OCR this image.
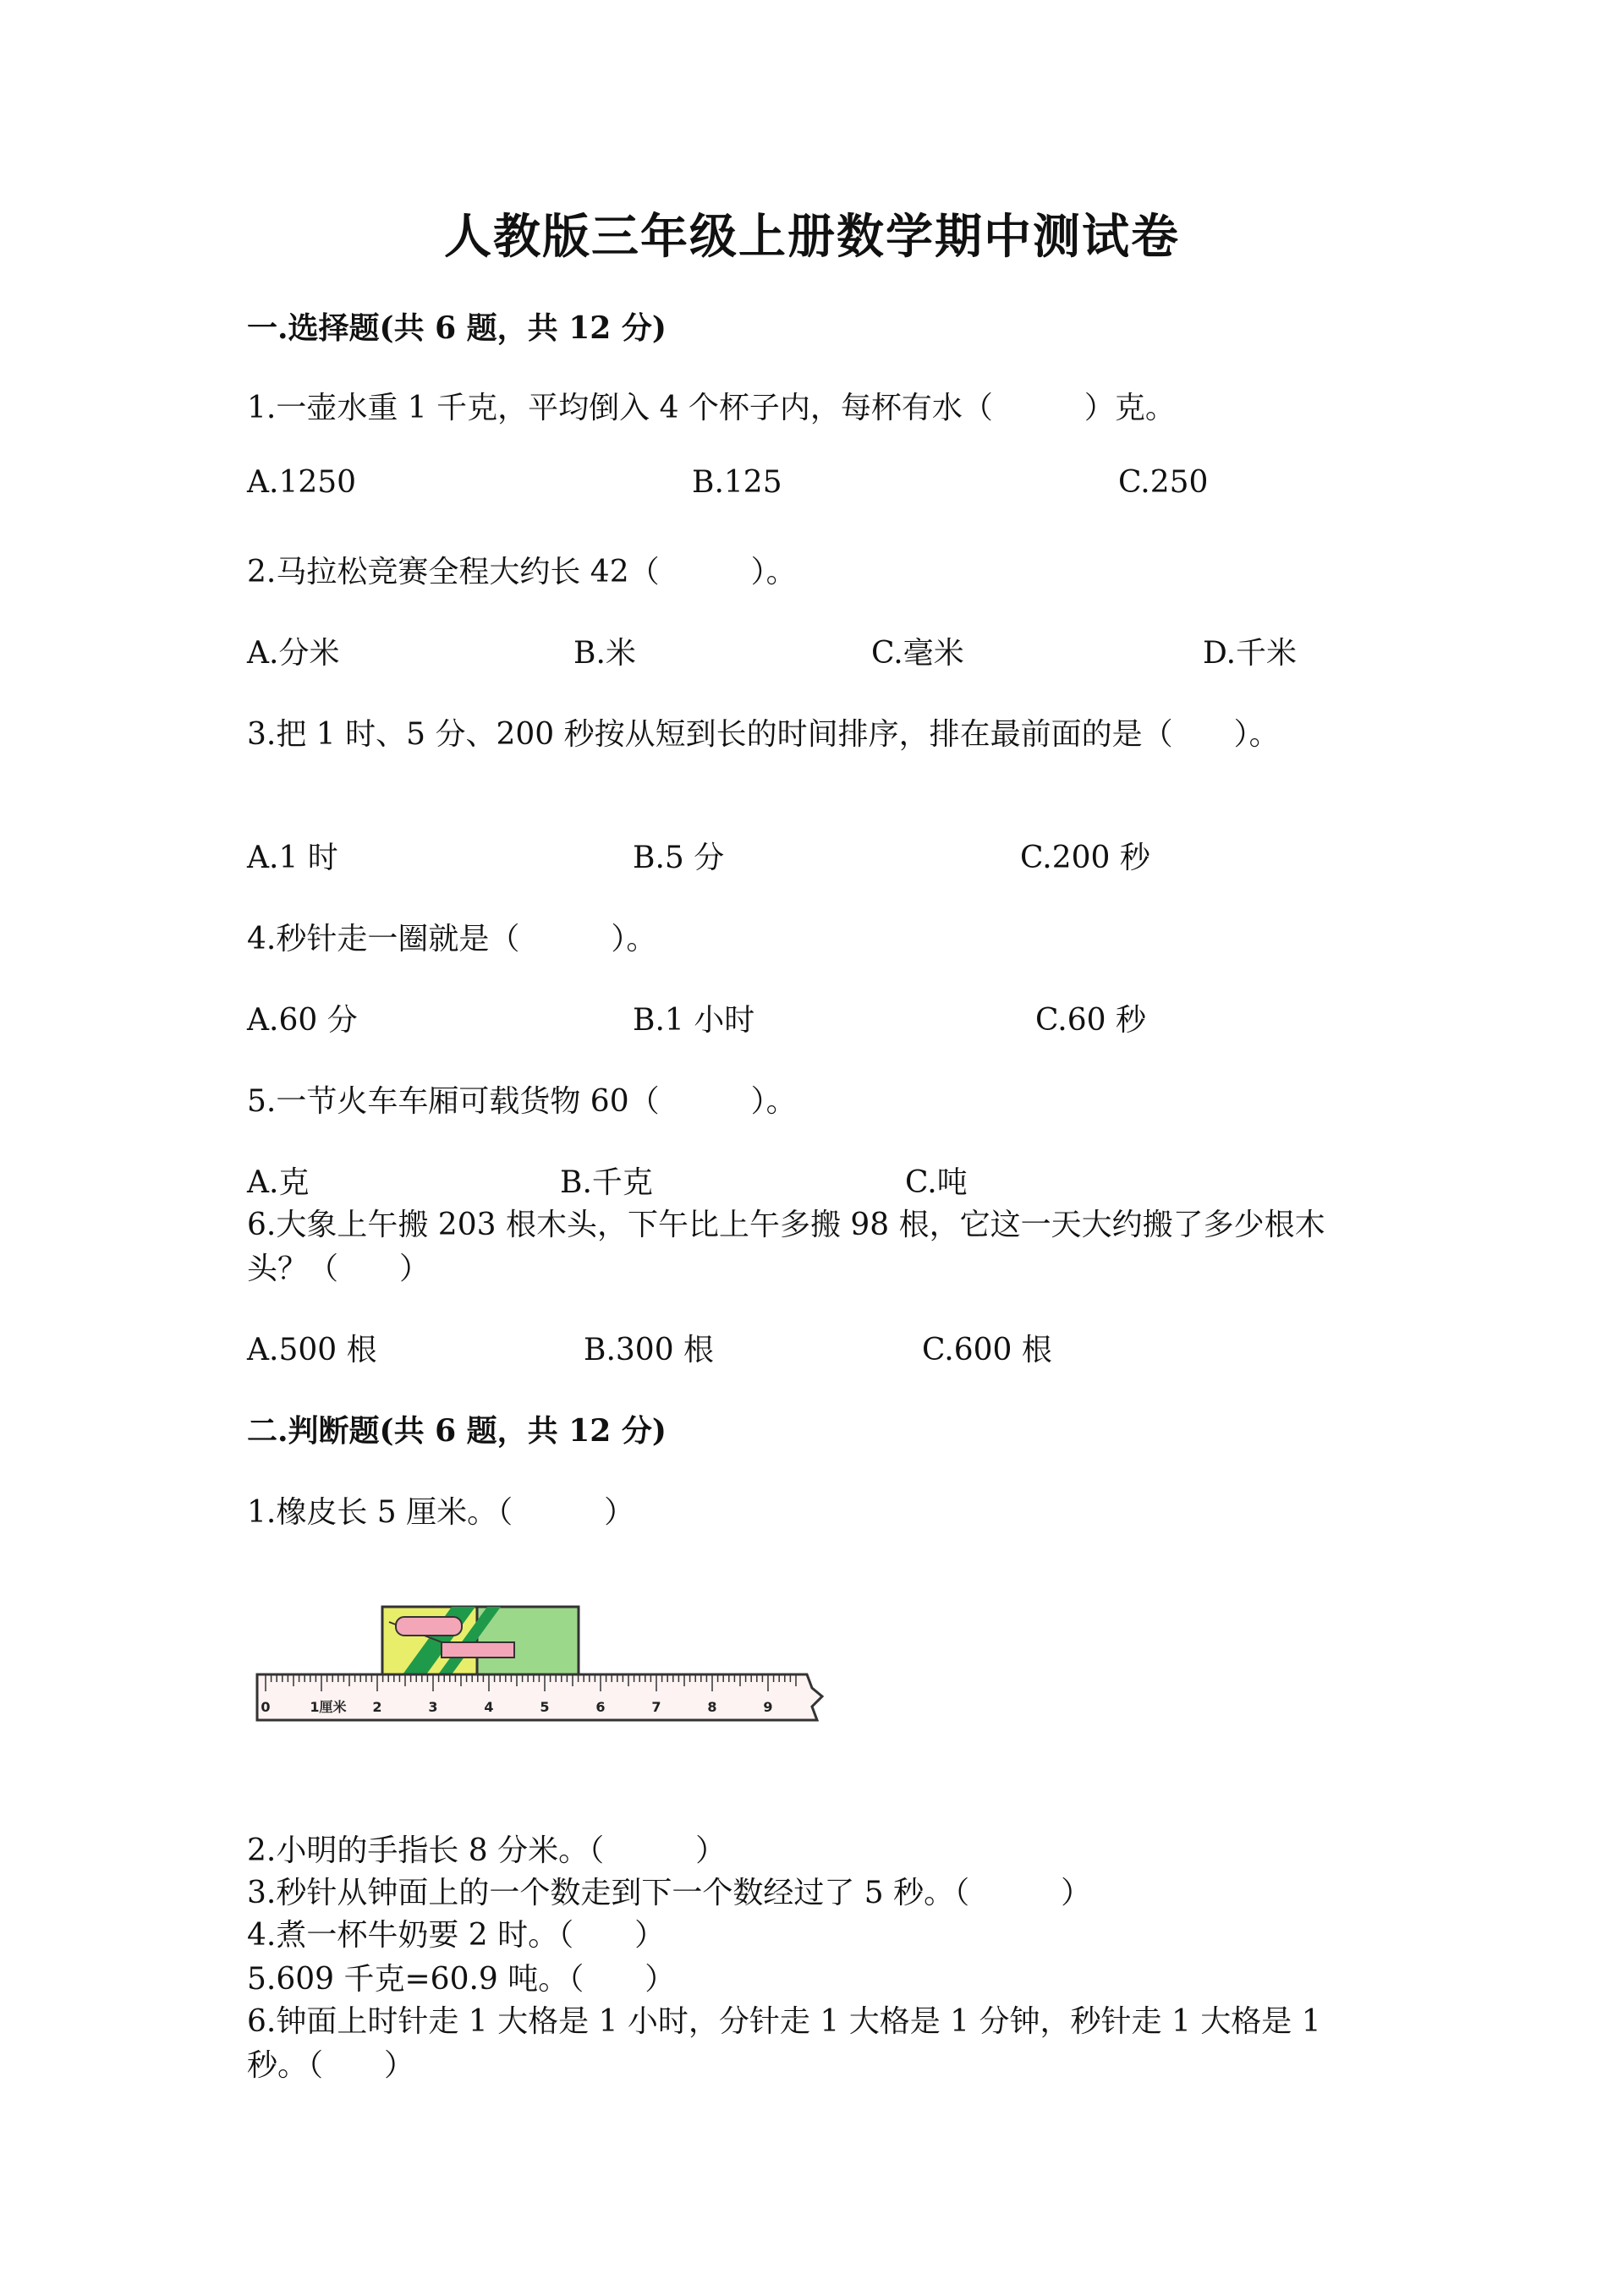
人教版三年级上册数学期中测试卷
一.选择题(共 6 题，共 12 分)
1.一壶水重 1 千克，平均倒入 4 个杯子内，每杯有水（　　　）克。
A.1250	B.125	C.250
2.马拉松竞赛全程大约长 42（　　　）。
A.分米	B.米	C.毫米	D.千米
3.把 1 时、5 分、200 秒按从短到长的时间排序，排在最前面的是（　　）。
A.1 时	B.5 分	C.200 秒
4.秒针走一圈就是（　　　）。
A.60 分	B.1 小时	C.60 秒
5.一节火车车厢可载货物 60（　　　）。
A.克	B.千克	C.吨
6.大象上午搬 203 根木头，下午比上午多搬 98 根，它这一天大约搬了多少根木
头？（　　）
A.500 根	B.300 根	C.600 根
二.判断题(共 6 题，共 12 分)
1.橡皮长 5 厘米。（　　　）
0	1厘米 2	3	4	5	6	7	8	9
2.小明的手指长 8 分米。（　　　）
3.秒针从钟面上的一个数走到下一个数经过了 5 秒。（　　　）
4.煮一杯牛奶要 2 时。（　　）
5.609 千克=60.9 吨。（　　）
6.钟面上时针走 1 大格是 1 小时，分针走 1 大格是 1 分钟，秒针走 1 大格是 1
秒。（　　）
